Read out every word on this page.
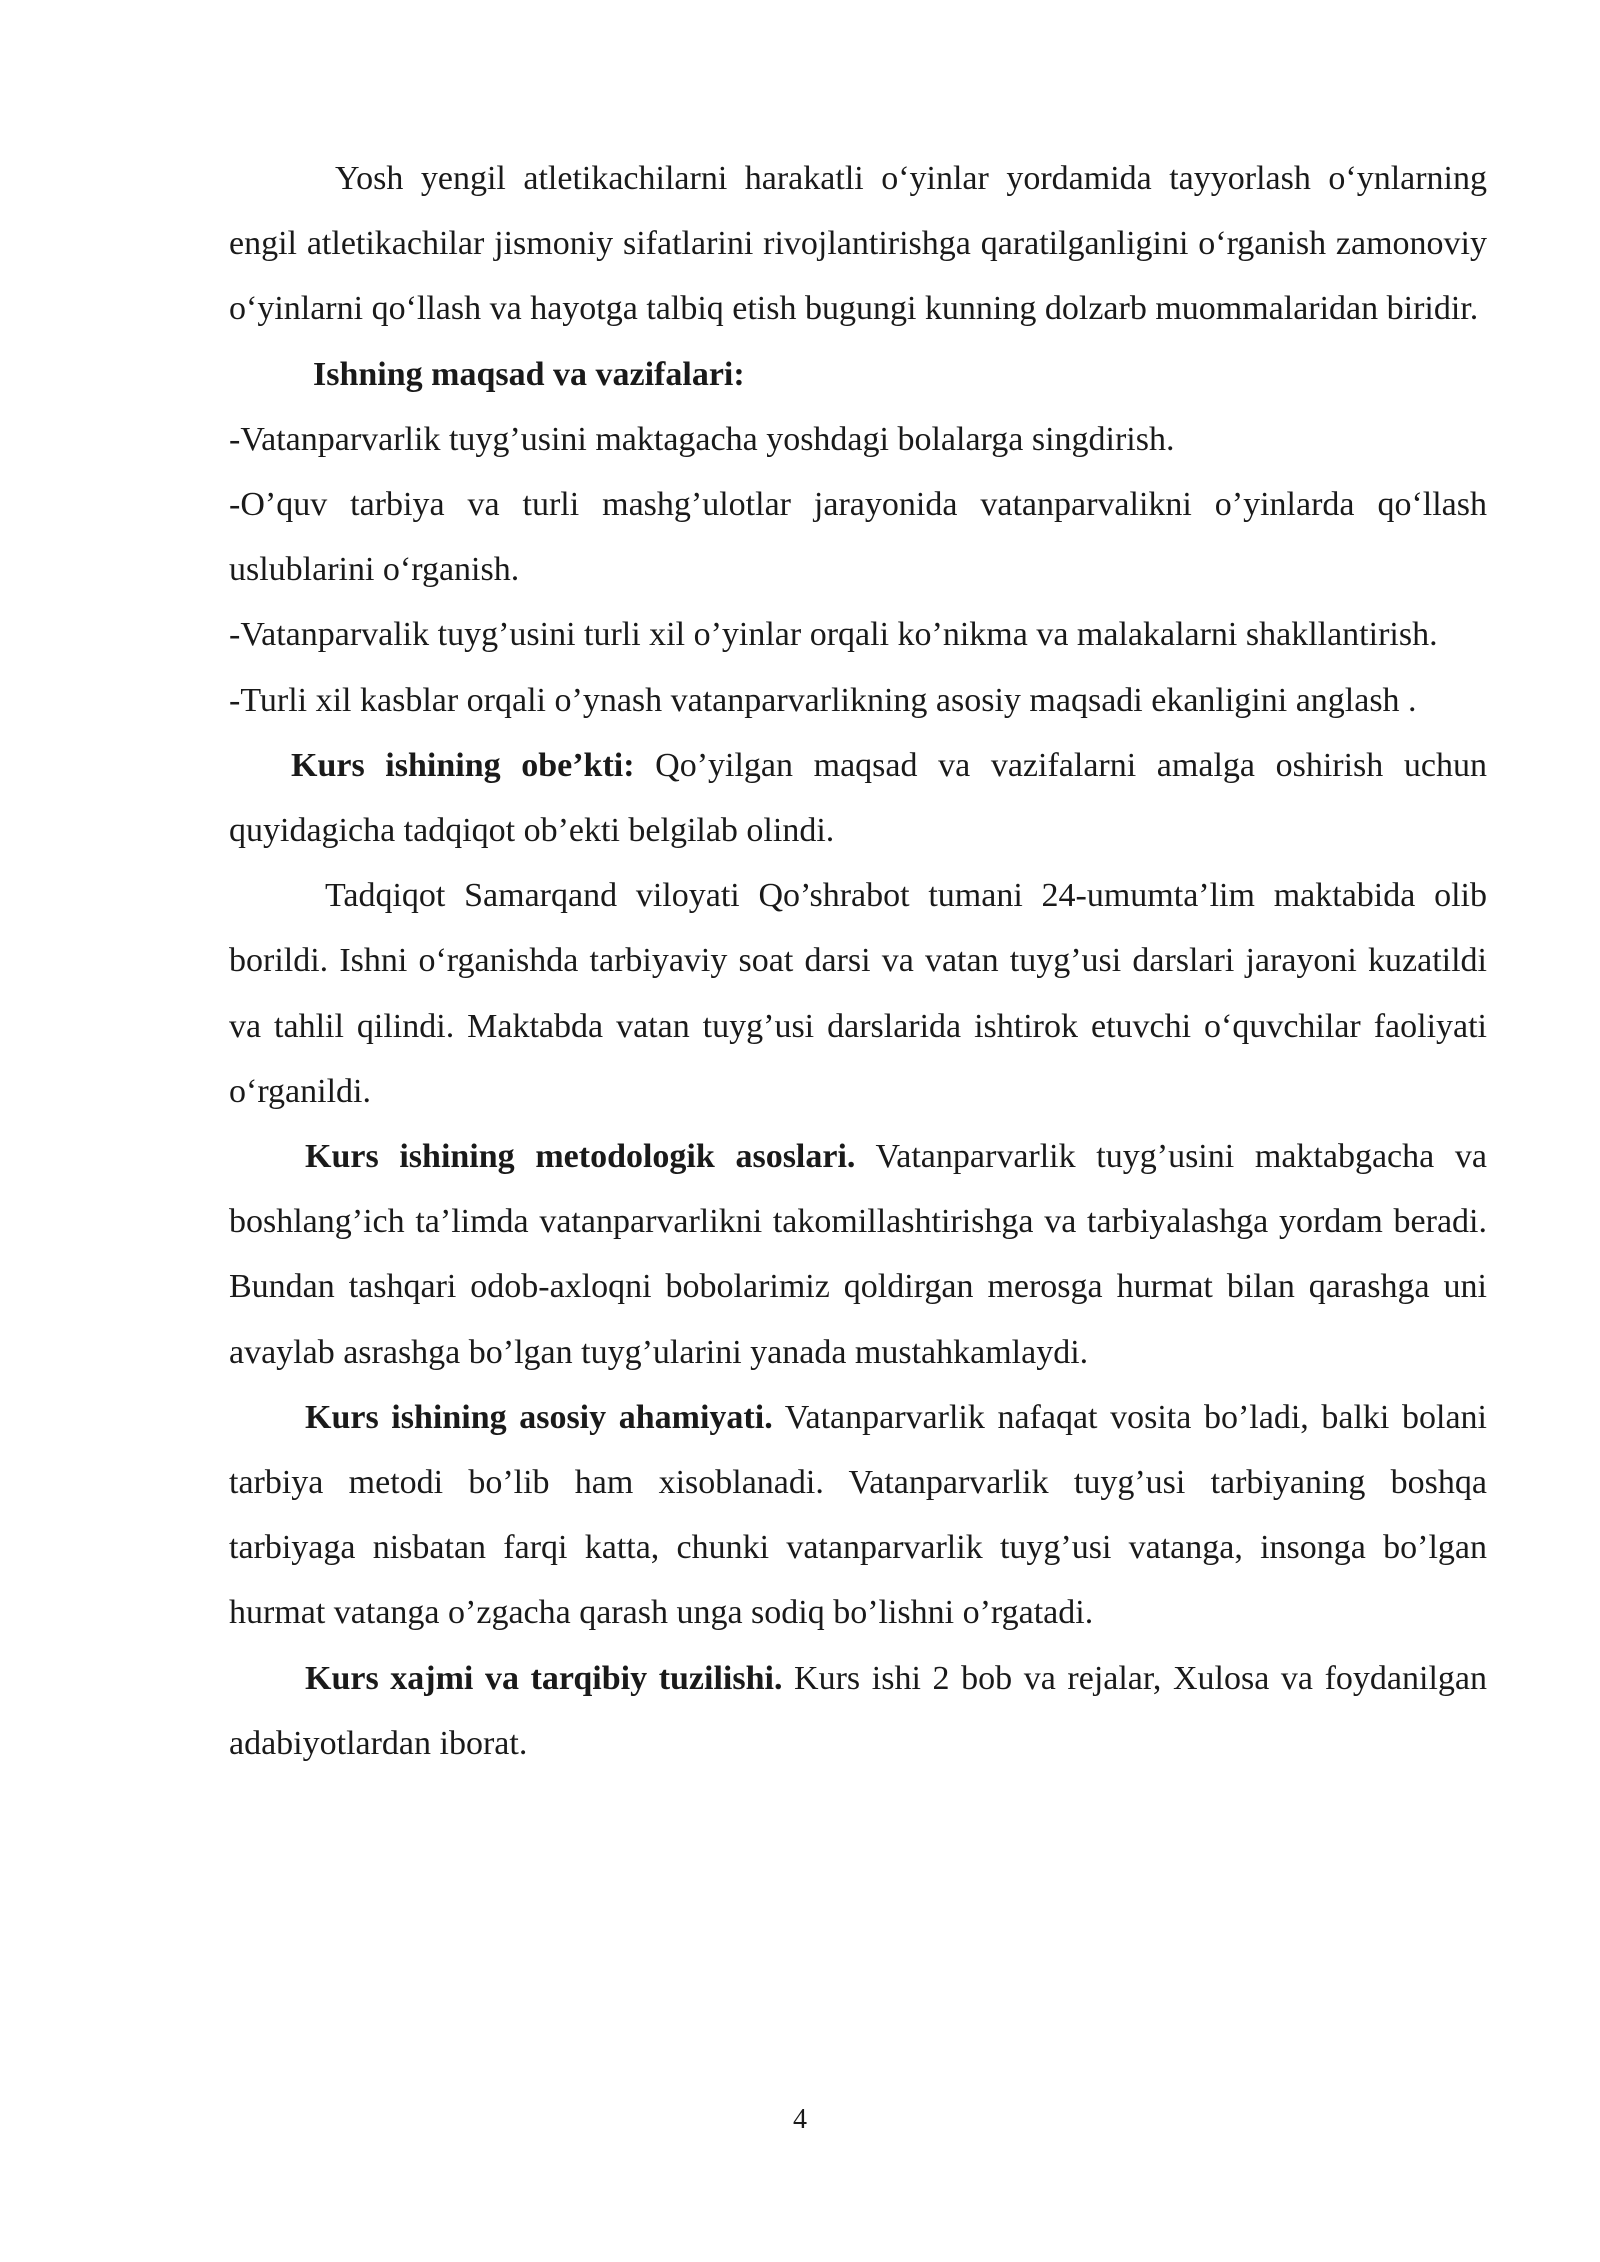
Yosh yengil atletikachilarni harakatli o‘yinlar yordamida tayyorlash o‘ynlarning engil atletikachilar jismoniy sifatlarini rivojlantirishga qaratilganligini o‘rganish zamonoviy o‘yinlarni qo‘llash va hayotga talbiq etish bugungi kunning dolzarb muommalaridan biridir.

Ishning maqsad va vazifalari:

-Vatanparvarlik tuyg’usini maktagacha yoshdagi bolalarga singdirish.

-O’quv tarbiya va turli mashg’ulotlar jarayonida vatanparvalikni o’yinlarda qo‘llash uslublarini o‘rganish.

-Vatanparvalik tuyg’usini turli xil o’yinlar orqali ko’nikma va malakalarni shakllantirish.

-Turli xil kasblar orqali o’ynash vatanparvarlikning asosiy maqsadi ekanligini anglash .

Kurs ishining obe’kti: Qo’yilgan maqsad va vazifalarni amalga oshirish uchun quyidagicha tadqiqot ob’ekti belgilab olindi.

Tadqiqot Samarqand viloyati Qo’shrabot tumani 24-umumta’lim maktabida olib borildi. Ishni o‘rganishda tarbiyaviy soat darsi va vatan tuyg’usi darslari jarayoni kuzatildi va tahlil qilindi. Maktabda vatan tuyg’usi darslarida ishtirok etuvchi o‘quvchilar faoliyati o‘rganildi.

Kurs ishining metodologik asoslari. Vatanparvarlik tuyg’usini maktabgacha va boshlang’ich ta’limda vatanparvarlikni takomillashtirishga va tarbiyalashga yordam beradi. Bundan tashqari odob-axloqni bobolarimiz qoldirgan merosga hurmat bilan qarashga uni avaylab asrashga bo’lgan tuyg’ularini yanada mustahkamlaydi.

Kurs ishining asosiy ahamiyati. Vatanparvarlik nafaqat vosita bo’ladi, balki bolani tarbiya metodi bo’lib ham xisoblanadi. Vatanparvarlik tuyg’usi tarbiyaning boshqa tarbiyaga nisbatan farqi katta, chunki vatanparvarlik tuyg’usi vatanga, insonga bo’lgan hurmat vatanga o’zgacha qarash unga sodiq bo’lishni o’rgatadi.

Kurs xajmi va tarqibiy tuzilishi. Kurs ishi 2 bob va rejalar, Xulosa va foydanilgan adabiyotlardan iborat.

4
